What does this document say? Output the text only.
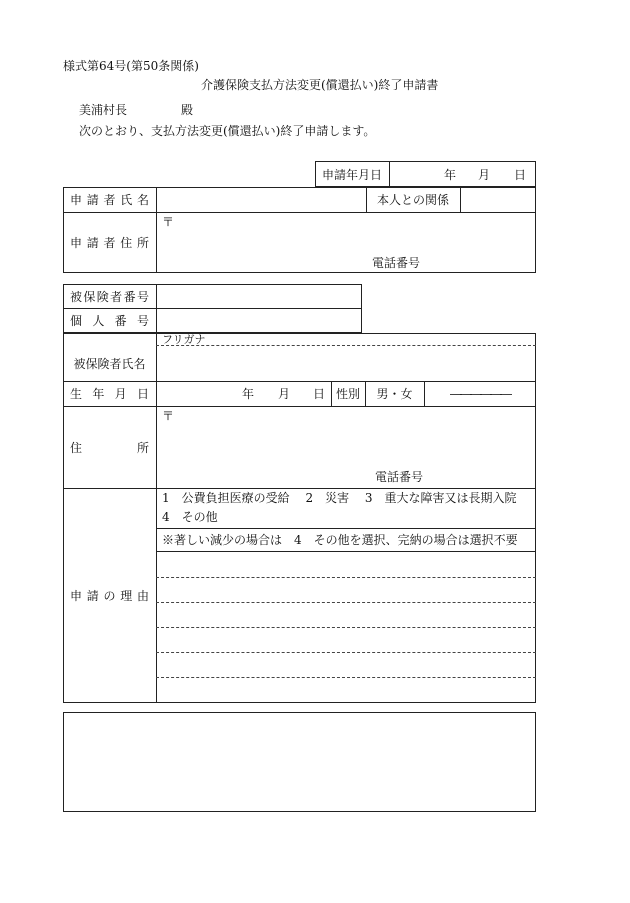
様式第64号(第50条関係)
介護保険支払方法変更(償還払い)終了申請書
美浦村長	殿
次のとおり、支払方法変更(償還払い)終了申請します。
申請年月日	年	月	日
申 請 者 氏 名	本人との関係
申 請 者 住 所
〒
電話番号
被 保 険 者 番 号
個 人 番 号
フリガナ
被保険者氏名
生 年 月 日	年	月	日 性別	男・女	――――――
住	所
〒
電話番号
申 請 の 理 由
1　公費負担医療の受給　 2　災害　 3　重大な障害又は長期入院
4　その他
※著しい減少の場合は　4　その他を選択、完納の場合は選択不要
